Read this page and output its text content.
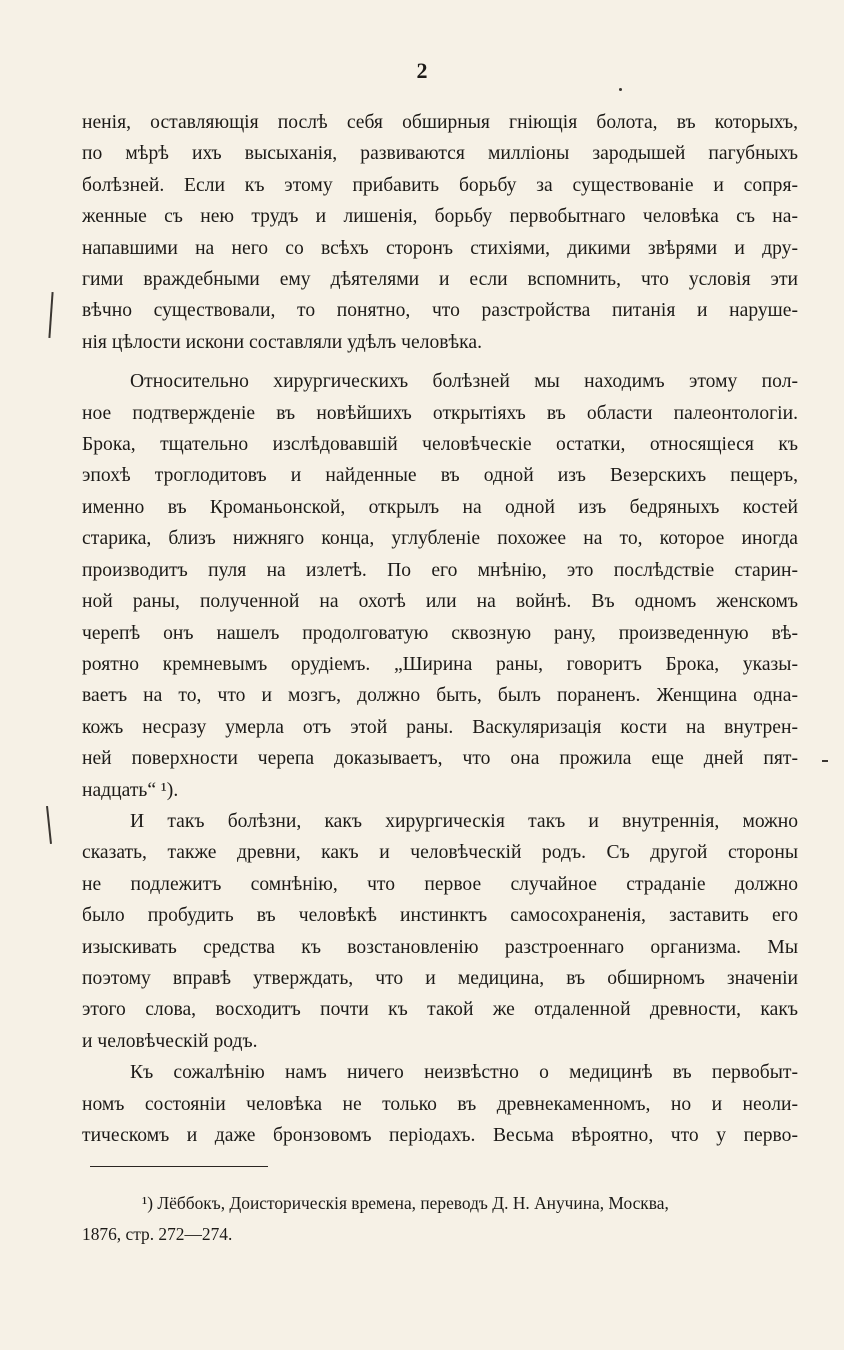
2
ненія, оставляющія послѣ себя обширныя гніющія болота, въ которыхъ,
по мѣрѣ ихъ высыханія, развиваются милліоны зародышей пагубныхъ
болѣзней. Если къ этому прибавить борьбу за существованіе и сопря-
женные съ нею трудъ и лишенія, борьбу первобытнаго человѣка съ на-
напавшими на него со всѣхъ сторонъ стихіями, дикими звѣрями и дру-
гими враждебными ему дѣятелями и если вспомнить, что условія эти
вѣчно существовали, то понятно, что разстройства питанія и наруше-
нія цѣлости искони составляли удѣлъ человѣка.
Относительно хирургическихъ болѣзней мы находимъ этому пол-
ное подтвержденіе въ новѣйшихъ открытіяхъ въ области палеонтологіи.
Брока, тщательно изслѣдовавшій человѣческіе остатки, относящіеся къ
эпохѣ троглодитовъ и найденные въ одной изъ Везерскихъ пещеръ,
именно въ Кроманьонской, открылъ на одной изъ бедряныхъ костей
старика, близъ нижняго конца, углубленіе похожее на то, которое иногда
производитъ пуля на излетѣ. По его мнѣнію, это послѣдствіе старин-
ной раны, полученной на охотѣ или на войнѣ. Въ одномъ женскомъ
черепѣ онъ нашелъ продолговатую сквозную рану, произведенную вѣ-
роятно кремневымъ орудіемъ. „Ширина раны, говоритъ Брока, указы-
ваетъ на то, что и мозгъ, должно быть, былъ пораненъ. Женщина одна-
кожъ несразу умерла отъ этой раны. Васкуляризація кости на внутрен-
ней поверхности черепа доказываетъ, что она прожила еще дней пят-
надцать“ ¹).
И такъ болѣзни, какъ хирургическія такъ и внутреннія, можно
сказать, также древни, какъ и человѣческій родъ. Съ другой стороны
не подлежитъ сомнѣнію, что первое случайное страданіе должно
было пробудить въ человѣкѣ инстинктъ самосохраненія, заставить его
изыскивать средства къ возстановленію разстроеннаго организма. Мы
поэтому вправѣ утверждать, что и медицина, въ обширномъ значеніи
этого слова, восходитъ почти къ такой же отдаленной древности, какъ
и человѣческій родъ.
Къ сожалѣнію намъ ничего неизвѣстно о медицинѣ въ первобыт-
номъ состояніи человѣка не только въ древнекаменномъ, но и неоли-
тическомъ и даже бронзовомъ періодахъ. Весьма вѣроятно, что у перво-
¹) Лёббокъ, Доисторическія времена, переводъ Д. Н. Анучина, Москва,
1876, стр. 272—274.
